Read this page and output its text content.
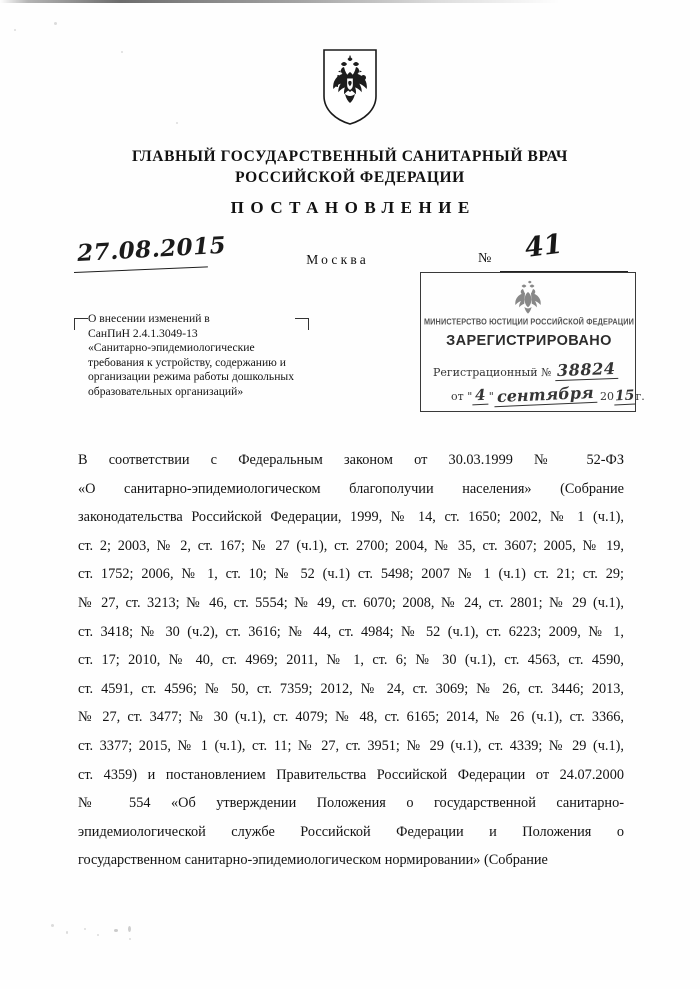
ГЛАВНЫЙ ГОСУДАРСТВЕННЫЙ САНИТАРНЫЙ ВРАЧ
РОССИЙСКОЙ ФЕДЕРАЦИИ
ПОСТАНОВЛЕНИЕ
27.08.2015	Москва	№ 41
МИНИСТЕРСТВО ЮСТИЦИИ РОССИЙСКОЙ ФЕДЕРАЦИИ
ЗАРЕГИСТРИРОВАНО
Регистрационный № 38824
от " 4 " сентября 2015г.
О внесении изменений в
СанПиН 2.4.1.3049-13
«Санитарно-эпидемиологические
требования к устройству, содержанию и
организации режима работы дошкольных
образовательных организаций»

В соответствии с Федеральным законом от 30.03.1999 № 52-ФЗ

«О санитарно-эпидемиологическом благополучии населения» (Собрание

законодательства Российской Федерации, 1999, № 14, ст. 1650; 2002, № 1 (ч.1),

ст. 2; 2003, № 2, ст. 167; № 27 (ч.1), ст. 2700; 2004, № 35, ст. 3607; 2005, № 19,

ст. 1752; 2006, № 1, ст. 10; № 52 (ч.1) ст. 5498; 2007 № 1 (ч.1) ст. 21; ст. 29;

№ 27, ст. 3213; № 46, ст. 5554; № 49, ст. 6070; 2008, № 24, ст. 2801; № 29 (ч.1),

ст. 3418; № 30 (ч.2), ст. 3616; № 44, ст. 4984; № 52 (ч.1), ст. 6223; 2009, № 1,

ст. 17; 2010, № 40, ст. 4969; 2011, № 1, ст. 6; № 30 (ч.1), ст. 4563, ст. 4590,

ст. 4591, ст. 4596; № 50, ст. 7359; 2012, № 24, ст. 3069; № 26, ст. 3446; 2013,

№ 27, ст. 3477; № 30 (ч.1), ст. 4079; № 48, ст. 6165; 2014, № 26 (ч.1), ст. 3366,

ст. 3377; 2015, № 1 (ч.1), ст. 11; № 27, ст. 3951; № 29 (ч.1), ст. 4339; № 29 (ч.1),

ст. 4359) и постановлением Правительства Российской Федерации от 24.07.2000

№ 554 «Об утверждении Положения о государственной санитарно-

эпидемиологической службе Российской Федерации и Положения о

государственном санитарно-эпидемиологическом нормировании» (Собрание
